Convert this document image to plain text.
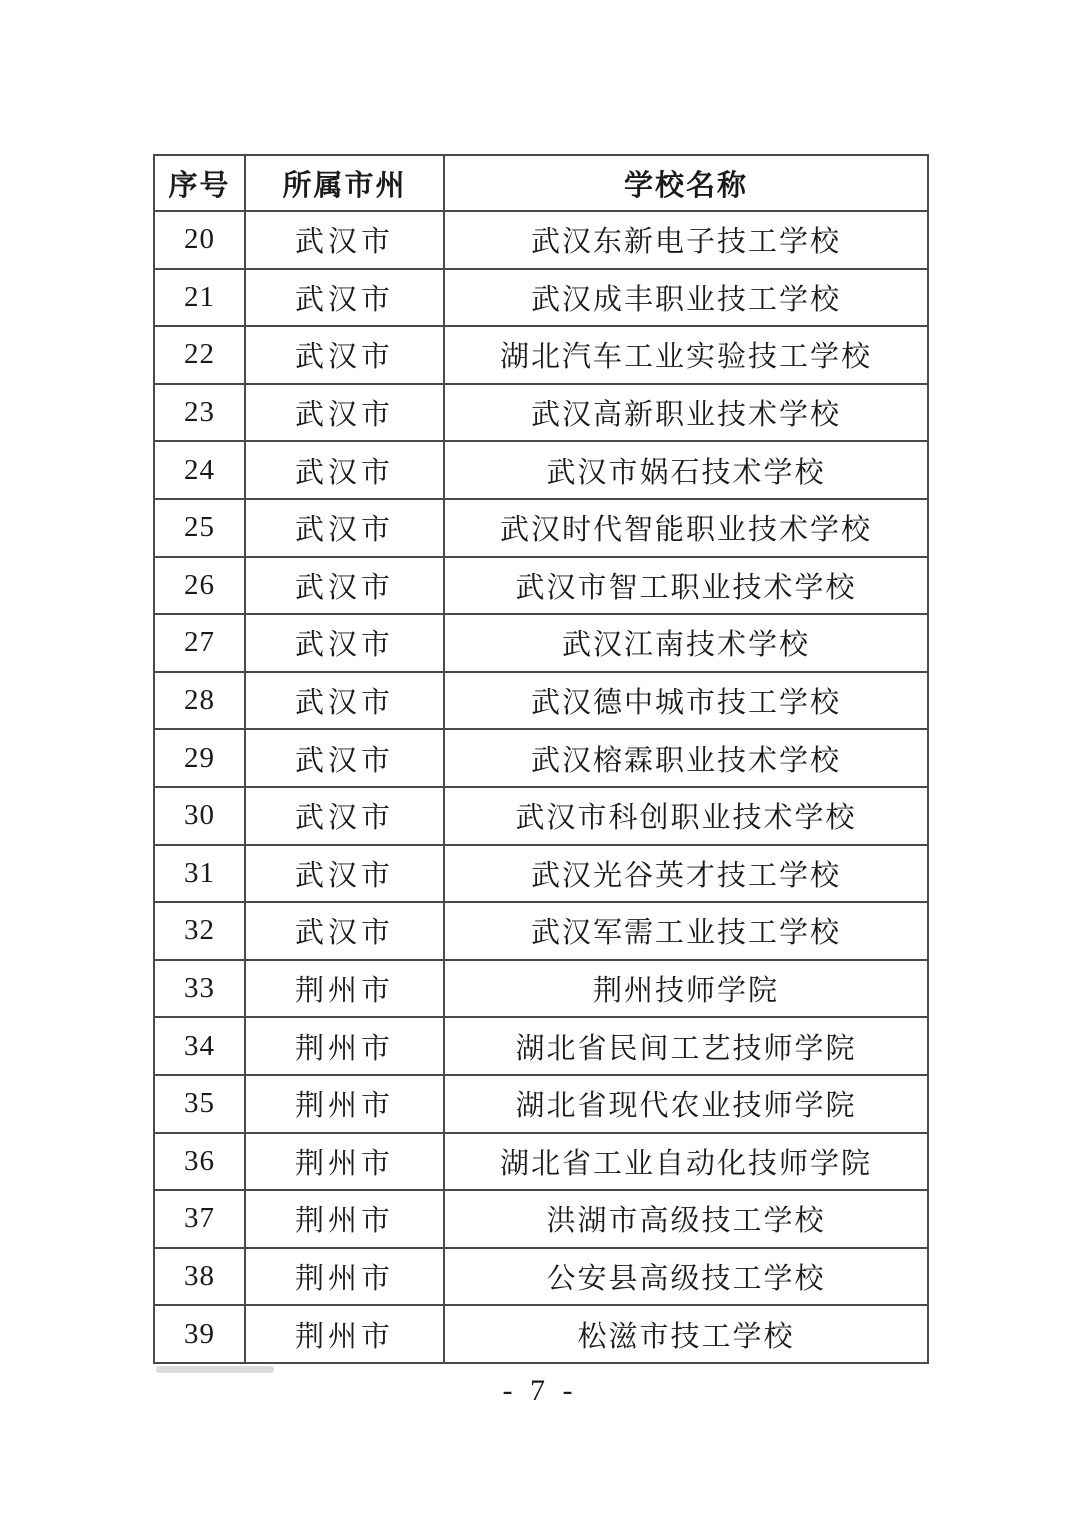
序号	所属市州	学校名称
20	武汉市	武汉东新电子技工学校
21	武汉市	武汉成丰职业技工学校
22	武汉市	湖北汽车工业实验技工学校
23	武汉市	武汉高新职业技术学校
24	武汉市	武汉市娲石技术学校
25	武汉市	武汉时代智能职业技术学校
26	武汉市	武汉市智工职业技术学校
27	武汉市	武汉江南技术学校
28	武汉市	武汉德中城市技工学校
29	武汉市	武汉榕霖职业技术学校
30	武汉市	武汉市科创职业技术学校
31	武汉市	武汉光谷英才技工学校
32	武汉市	武汉军需工业技工学校
33	荆州市	荆州技师学院
34	荆州市	湖北省民间工艺技师学院
35	荆州市	湖北省现代农业技师学院
36	荆州市	湖北省工业自动化技师学院
37	荆州市	洪湖市高级技工学校
38	荆州市	公安县高级技工学校
39	荆州市	松滋市技工学校
- 7 -
